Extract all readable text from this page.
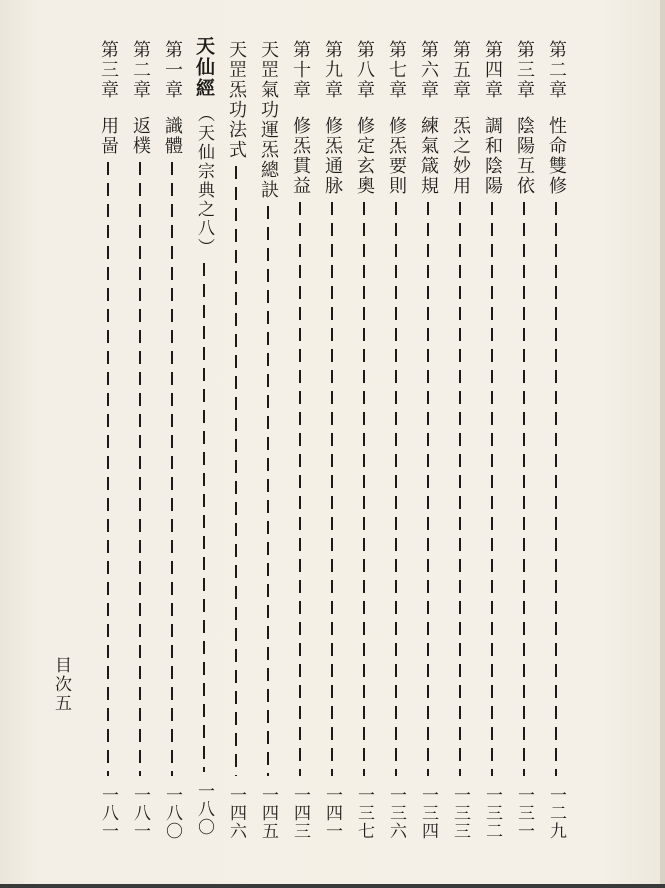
第二章
性命雙修
一二九
第三章
陰陽互依
一三一
第四章
調和陰陽
一三二
第五章
炁之妙用
一三三
第六章
練氣箴規
一三四
第七章
修炁要則
一三六
第八章
修定玄奧
一三七
第九章
修炁通脉
一四一
第十章
修炁貫益
一四三
天罡氣功運炁總訣
一四五
天罡炁功法式
一四六
天仙經
（天仙宗典之八）
一八〇
第一章
識體
一八〇
第二章
返樸
一八一
第三章
用啚
一八一
目次五
